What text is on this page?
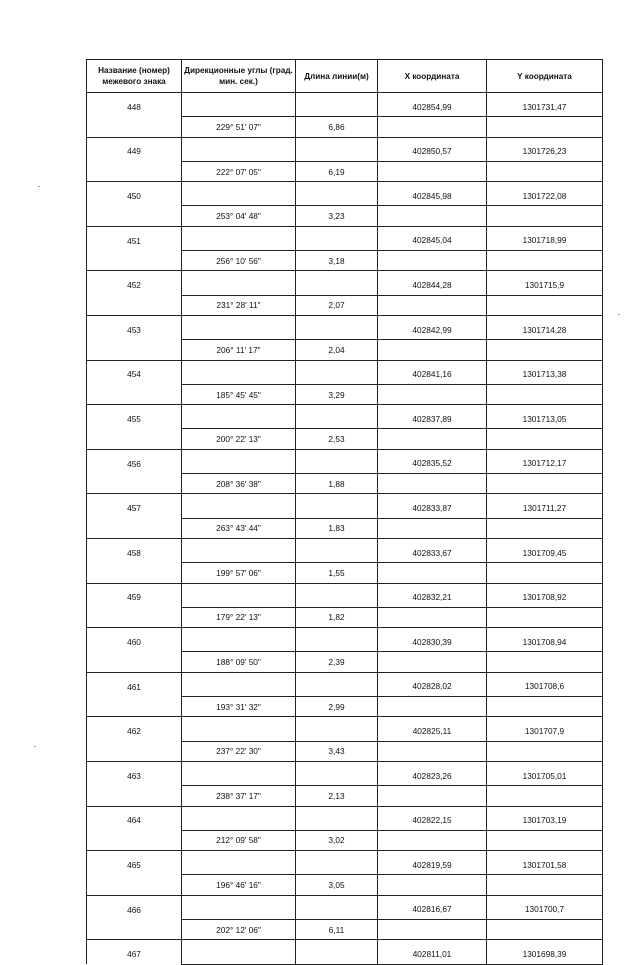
Название (номер) межевого знака	Дирекционные углы (град. мин. сек.)	Длина линии(м)	X координата	Y координата
448			402854,99	1301731,47
	229° 51' 07"	6,86		
449			402850,57	1301726,23
	222° 07' 05"	6,19		
450			402845,98	1301722,08
	253° 04' 48"	3,23		
451			402845,04	1301718,99
	256° 10' 56"	3,18		
452			402844,28	1301715,9
	231° 28' 11"	2,07		
453			402842,99	1301714,28
	206° 11' 17"	2,04		
454			402841,16	1301713,38
	185° 45' 45"	3,29		
455			402837,89	1301713,05
	200° 22' 13"	2,53		
456			402835,52	1301712,17
	208° 36' 38"	1,88		
457			402833,87	1301711,27
	263° 43' 44"	1,83		
458			402833,67	1301709,45
	199° 57' 06"	1,55		
459			402832,21	1301708,92
	179° 22' 13"	1,82		
460			402830,39	1301708,94
	188° 09' 50"	2,39		
461			402828,02	1301708,6
	193° 31' 32"	2,99		
462			402825,11	1301707,9
	237° 22' 30"	3,43		
463			402823,26	1301705,01
	238° 37' 17"	2,13		
464			402822,15	1301703,19
	212° 09' 58"	3,02		
465			402819,59	1301701,58
	196° 46' 16"	3,05		
466			402816,67	1301700,7
	202° 12' 06"	6,11		
467			402811,01	1301698,39
